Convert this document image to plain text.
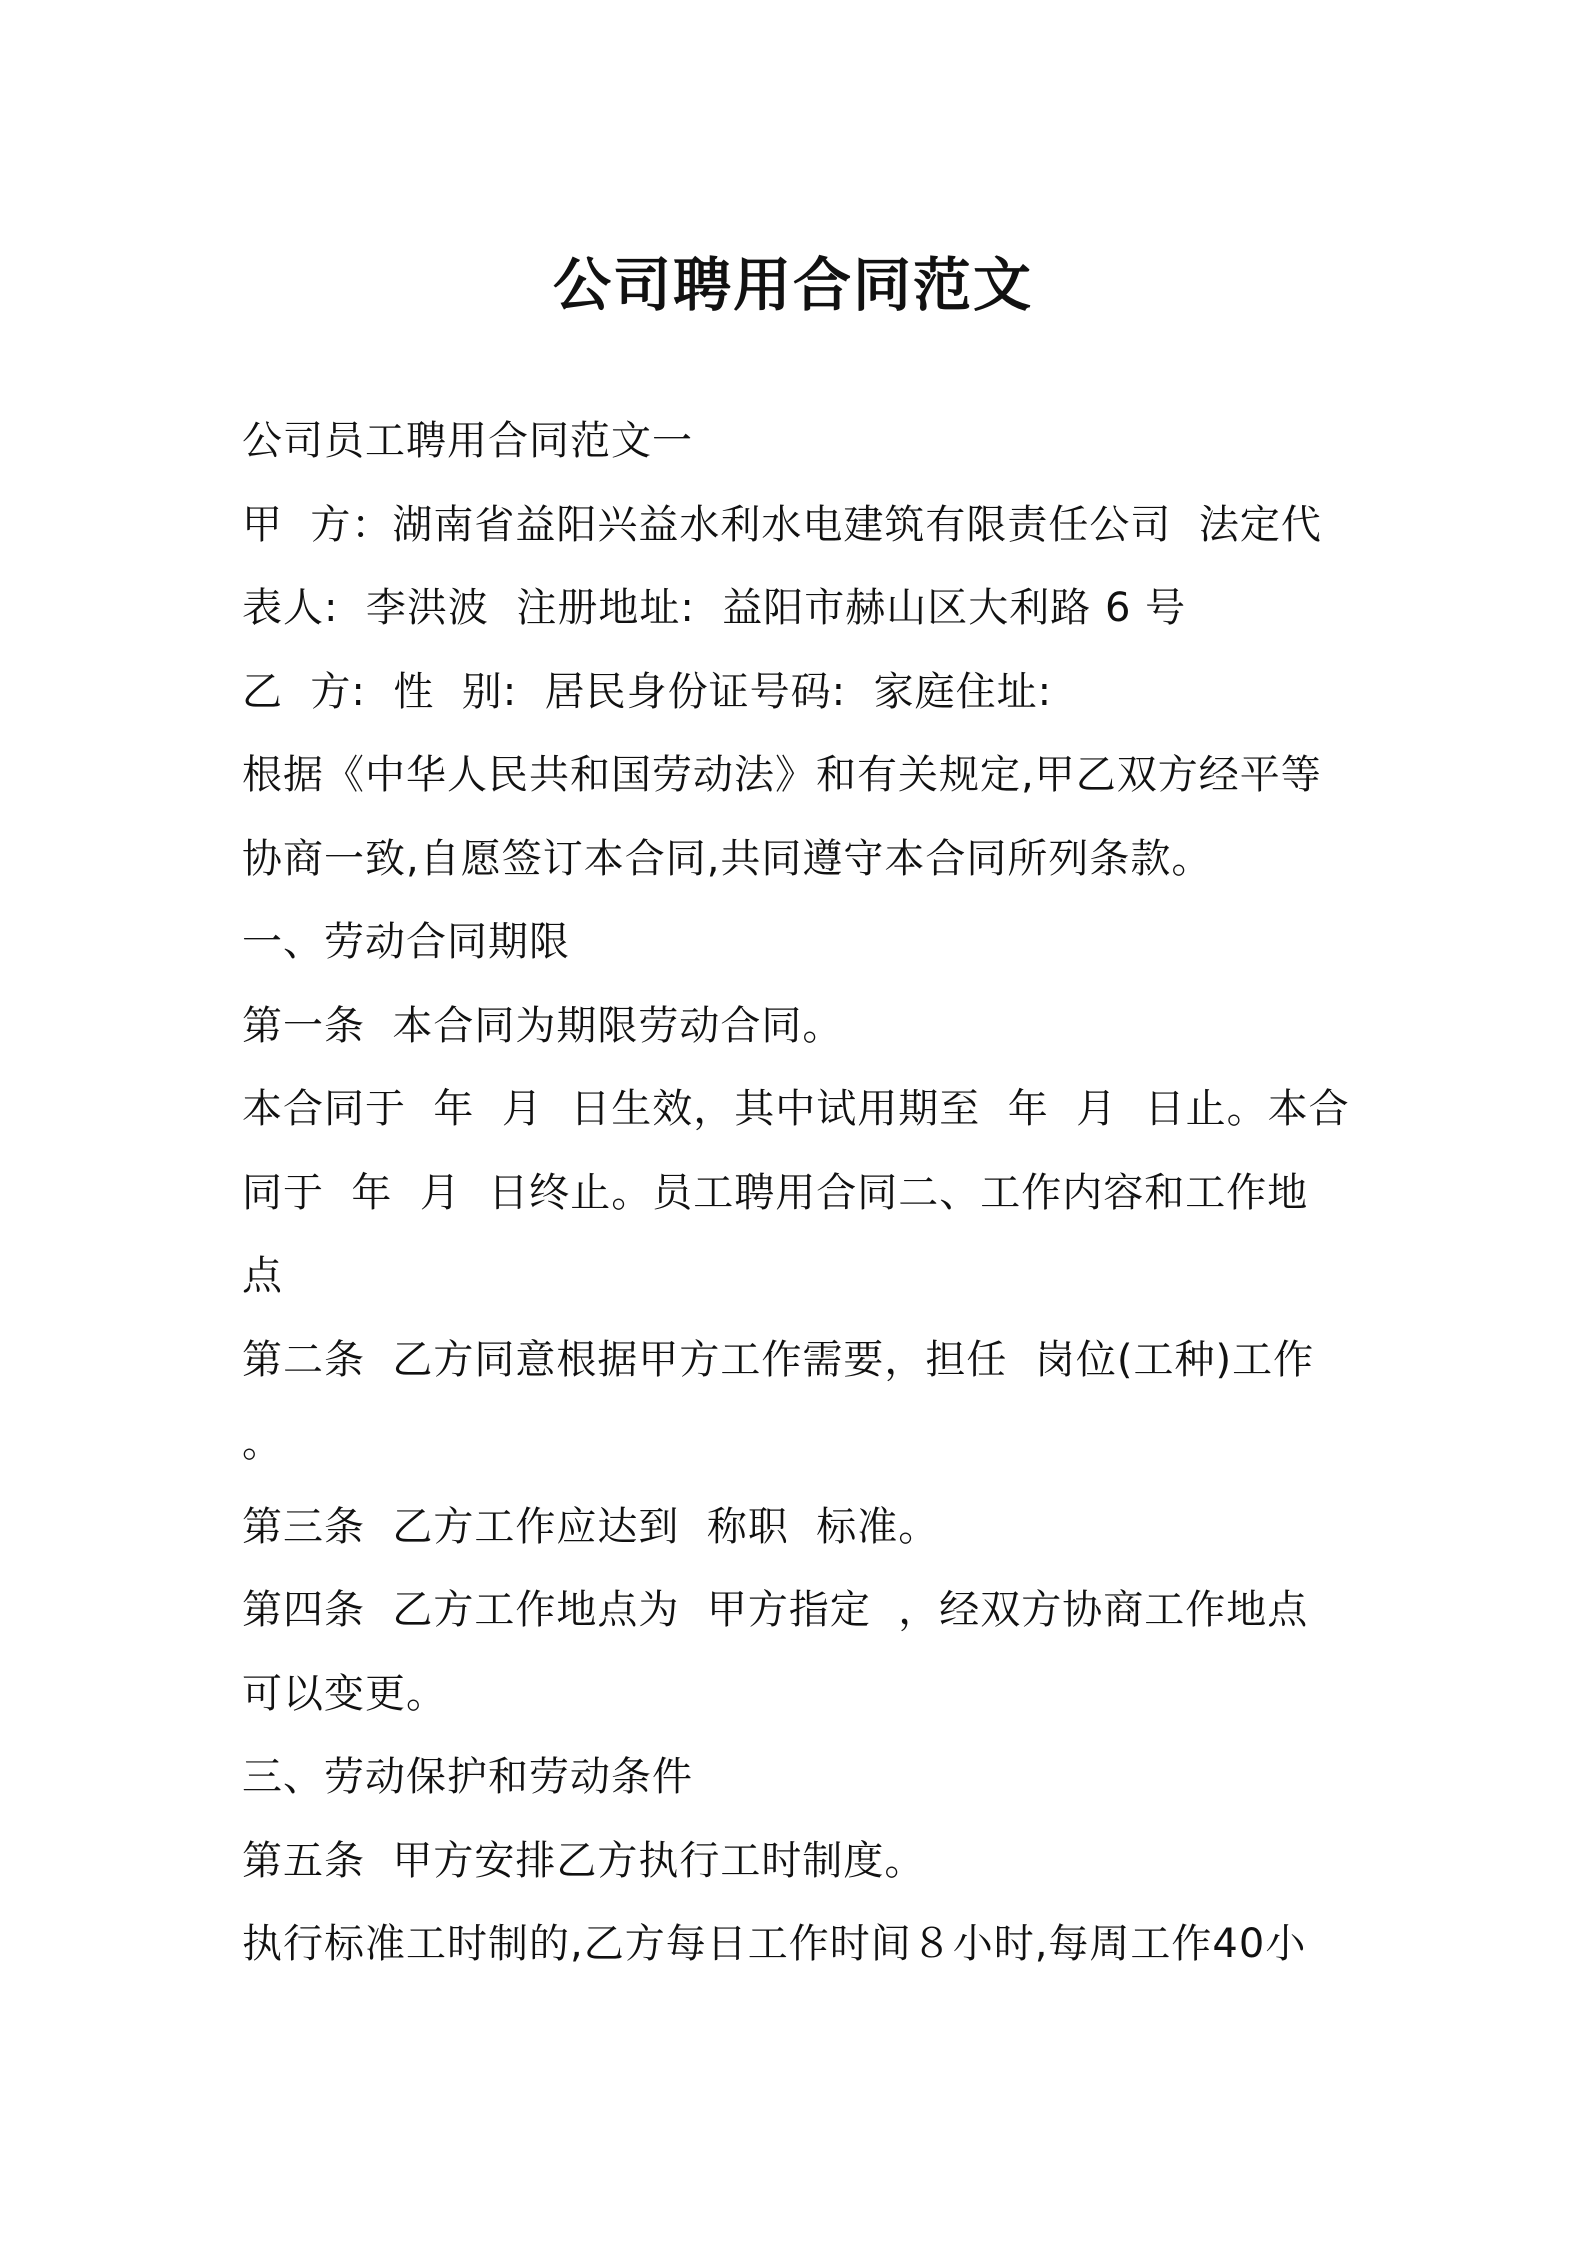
公司聘用合同范文
公司员工聘用合同范文一
甲  方：湖南省益阳兴益水利水电建筑有限责任公司  法定代
表人:  李洪波  注册地址:  益阳市赫山区大利路 6 号
乙  方:  性  别:  居民身份证号码:  家庭住址:
根据《中华人民共和国劳动法》和有关规定,甲乙双方经平等
协商一致,自愿签订本合同,共同遵守本合同所列条款。
一、劳动合同期限
第一条  本合同为期限劳动合同。
本合同于  年  月  日生效，其中试用期至  年  月  日止。本合
同于  年  月  日终止。员工聘用合同二、工作内容和工作地
点
第二条  乙方同意根据甲方工作需要，担任  岗位(工种)工作
。
第三条  乙方工作应达到  称职  标准。
第四条  乙方工作地点为  甲方指定  ，经双方协商工作地点
可以变更。
三、劳动保护和劳动条件
第五条  甲方安排乙方执行工时制度。
执行标准工时制的,乙方每日工作时间８小时,每周工作40小
